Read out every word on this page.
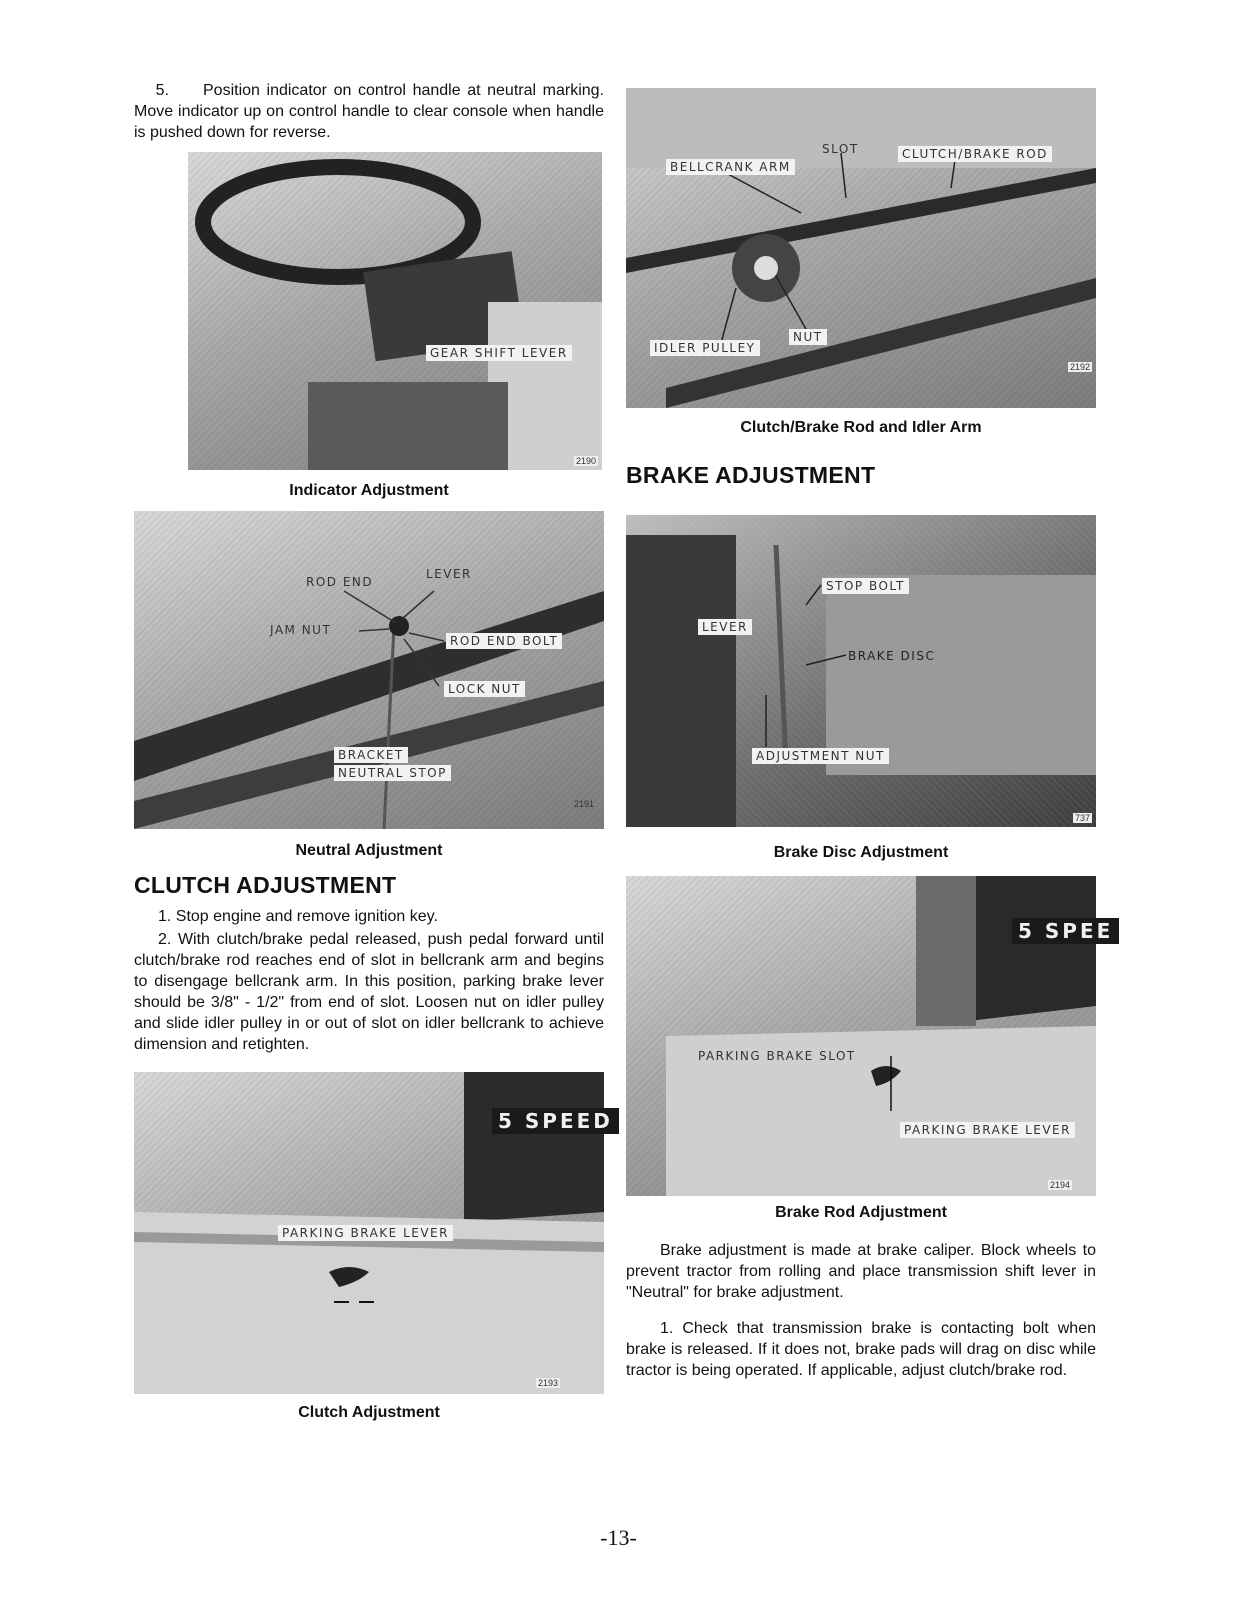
5. Position indicator on control handle at neutral marking. Move indicator up on control handle to clear console when handle is pushed down for reverse.

GEAR SHIFT LEVER
2190
Indicator Adjustment
ROD END
LEVER
JAM NUT
ROD END BOLT
LOCK NUT
BRACKET
NEUTRAL STOP
2191
Neutral Adjustment
CLUTCH ADJUSTMENT

1. Stop engine and remove ignition key.

2. With clutch/brake pedal released, push pedal forward until clutch/brake rod reaches end of slot in bellcrank arm and begins to disengage bellcrank arm. In this position, parking brake lever should be 3/8" - 1/2" from end of slot. Loosen nut on idler pulley and slide idler pulley in or out of slot on idler bellcrank to achieve dimension and retighten.

5 SPEED
PARKING BRAKE LEVER
2193
Clutch Adjustment
SLOT	CLUTCH/BRAKE ROD
BELLCRANK ARM
NUT
IDLER PULLEY
2192
Clutch/Brake Rod and Idler Arm
BRAKE ADJUSTMENT
STOP BOLT
LEVER
BRAKE DISC
ADJUSTMENT NUT
737
Brake Disc Adjustment
5 SPEE
PARKING BRAKE SLOT
PARKING BRAKE LEVER
2194
Brake Rod Adjustment

Brake adjustment is made at brake caliper. Block wheels to prevent tractor from rolling and place transmission shift lever in "Neutral" for brake adjustment.

1. Check that transmission brake is contacting bolt when brake is released. If it does not, brake pads will drag on disc while tractor is being operated. If applicable, adjust clutch/brake rod.

-13-
